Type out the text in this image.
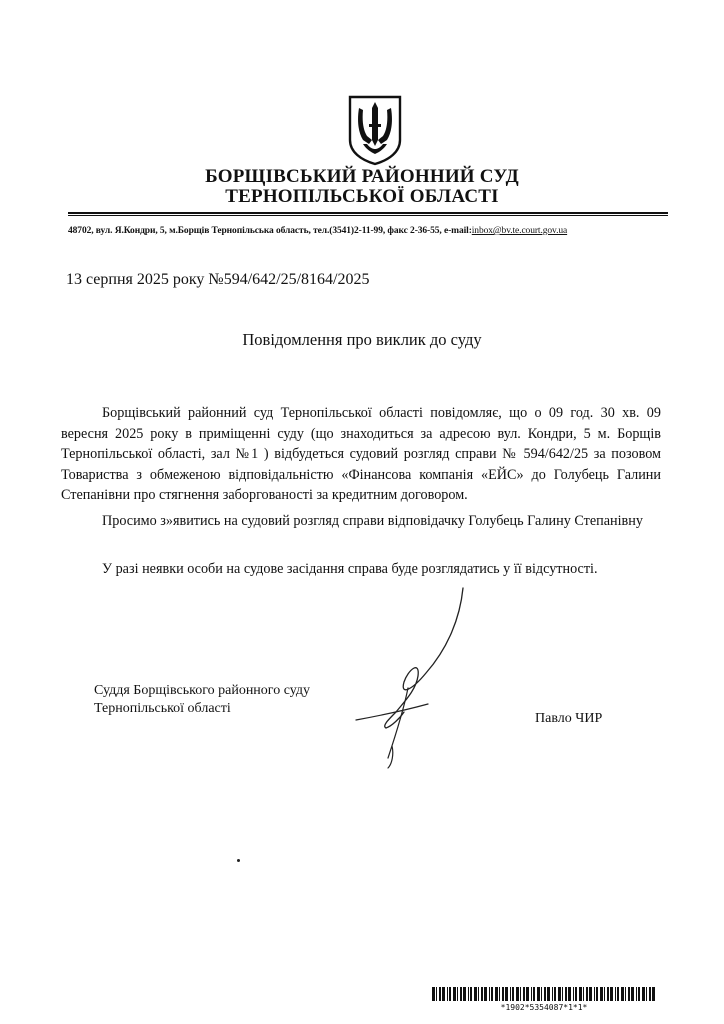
БОРЩІВСЬКИЙ РАЙОННИЙ СУД
ТЕРНОПІЛЬСЬКОЇ ОБЛАСТІ
48702, вул. Я.Кондри, 5, м.Борщів Тернопільська область, тел.(3541)2-11-99, факс 2-36-55, e-mail:inbox@bv.te.court.gov.ua
13 серпня 2025 року №594/642/25/8164/2025
Повідомлення про виклик до суду
Борщівський районний суд Тернопільської області повідомляє, що о 09 год. 30 хв. 09 вересня 2025 року в приміщенні суду (що знаходиться за адресою вул. Кондри, 5 м. Борщів Тернопільської області, зал №1 ) відбудеться судовий розгляд справи № 594/642/25 за позовом Товариства з обмеженою відповідальністю «Фінансова компанія «ЕЙС» до Голубець Галини Степанівни про стягнення заборгованості за кредитним договором.
Просимо з»явитись на судовий розгляд справи відповідачку Голубець Галину Степанівну
У разі неявки особи на судове засідання справа буде розглядатись у її відсутності.
Суддя Борщівського районного суду
Тернопільської області
Павло ЧИР
*1902*5354087*1*1*
